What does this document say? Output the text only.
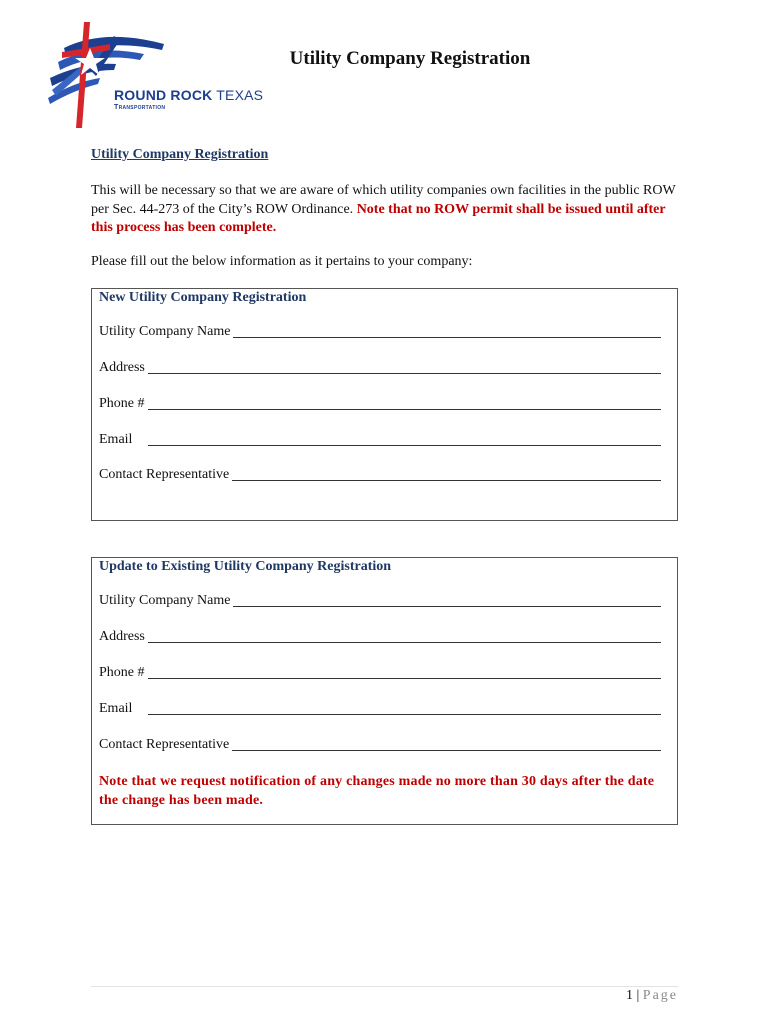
ROUND ROCK TEXAS
Transportation
Utility Company Registration
Utility Company Registration
This will be necessary so that we are aware of which utility companies own facilities in the public ROW per Sec. 44-273 of the City’s ROW Ordinance. Note that no ROW permit shall be issued until after this process has been complete.
Please fill out the below information as it pertains to your company:
New Utility Company Registration
Utility Company Name
Address
Phone #
Email
Contact Representative
Update to Existing Utility Company Registration
Utility Company Name
Address
Phone #
Email
Contact Representative
Note that we request notification of any changes made no more than 30 days after the date the change has been made.
1 | Page
